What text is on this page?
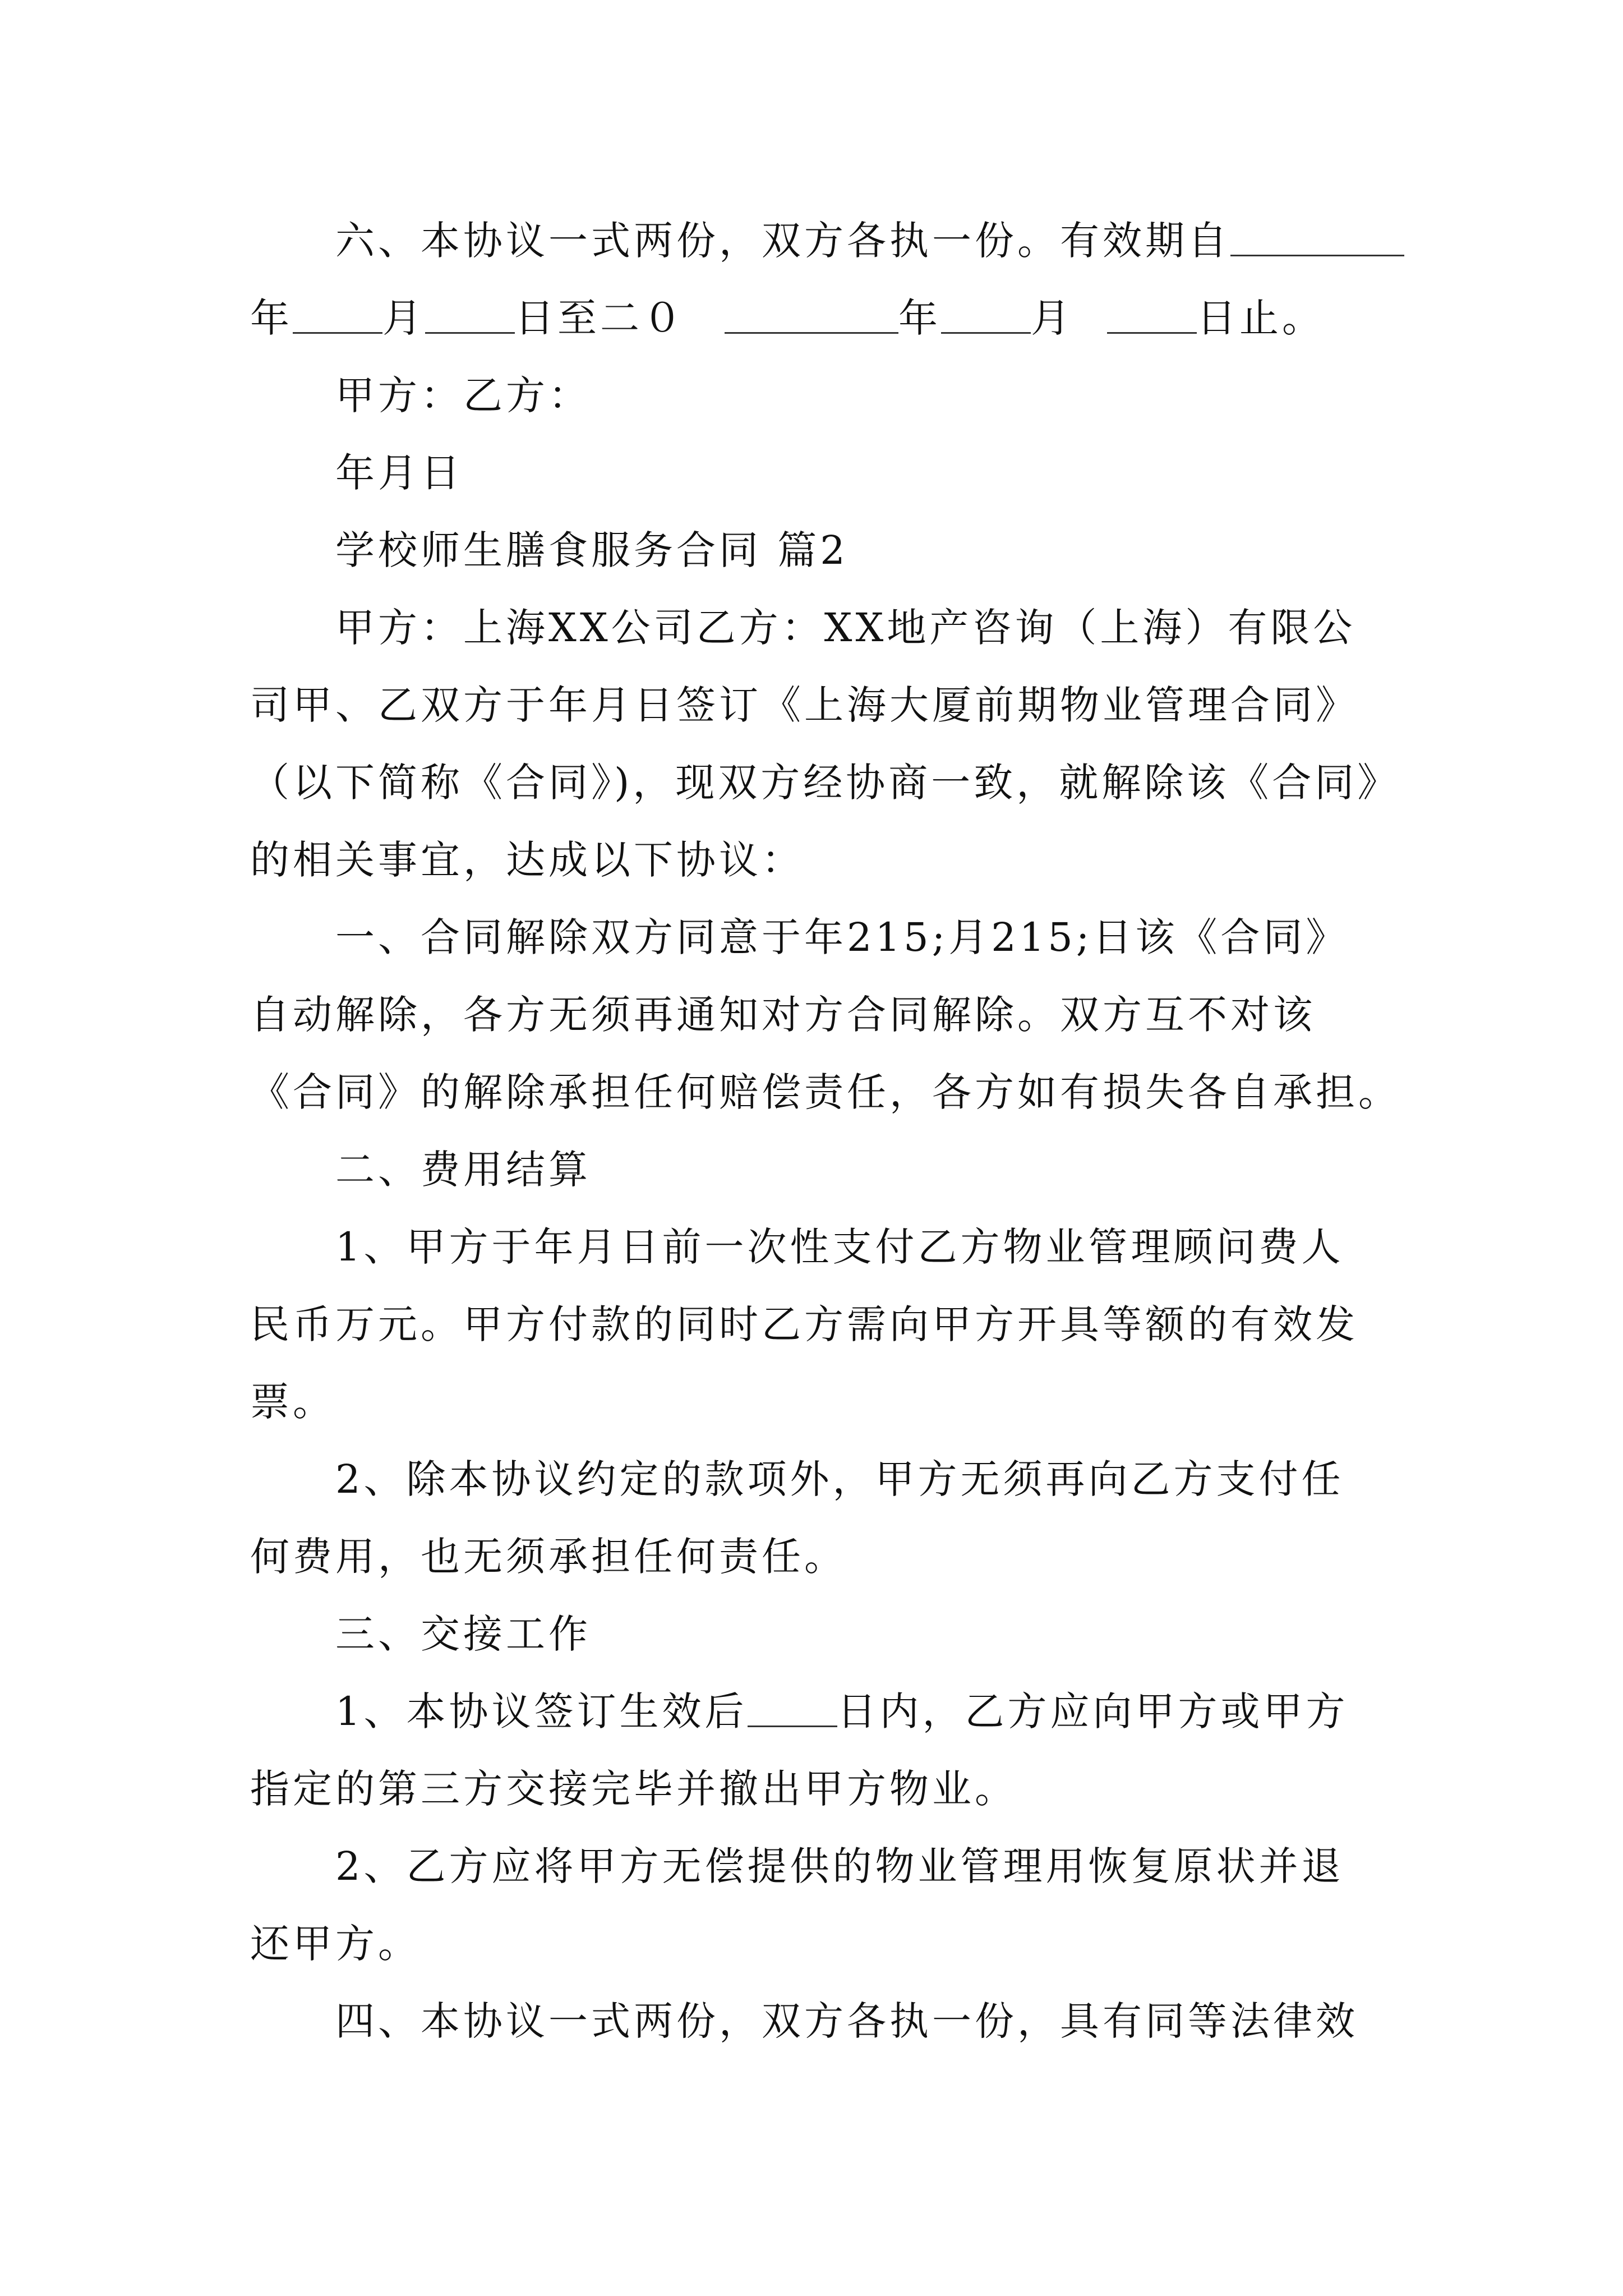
六、本协议一式两份，双方各执一份。有效期自
年 月 日至二０	年 月	日止。
甲方：乙方：
年月日
学校师生膳食服务合同 篇2
甲方：上海XX公司乙方：XX地产咨询（上海）有限公
司甲、乙双方于年月日签订《上海大厦前期物业管理合同》
（以下简称《合同》)，现双方经协商一致，就解除该《合同》
的相关事宜，达成以下协议：
一、合同解除双方同意于年215;月215;日该《合同》
自动解除，各方无须再通知对方合同解除。双方互不对该
《合同》的解除承担任何赔偿责任，各方如有损失各自承担。
二、费用结算
1、甲方于年月日前一次性支付乙方物业管理顾问费人
民币万元。甲方付款的同时乙方需向甲方开具等额的有效发
票。
2、除本协议约定的款项外，甲方无须再向乙方支付任
何费用，也无须承担任何责任。
三、交接工作
1、本协议签订生效后 日内，乙方应向甲方或甲方
指定的第三方交接完毕并撤出甲方物业。
2、乙方应将甲方无偿提供的物业管理用恢复原状并退
还甲方。
四、本协议一式两份，双方各执一份，具有同等法律效
